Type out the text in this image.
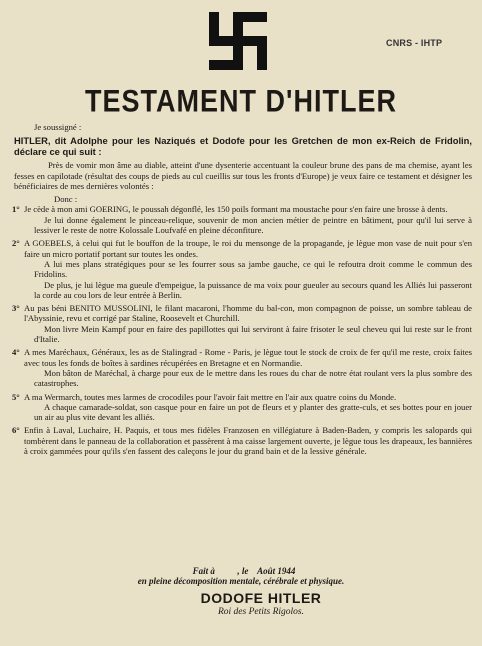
CNRS - IHTP
TESTAMENT D'HITLER

Je soussigné :

HITLER, dit Adolphe pour les Naziqués et Dodofe pour les Gretchen de mon ex-Reich de Fridolin, déclare ce qui suit :

Près de vomir mon âme au diable, atteint d'une dysenterie accentuant la couleur brune des pans de ma chemise, ayant les fesses en capilotade (résultat des coups de pieds au cul cueillis sur tous les fronts d'Europe) je veux faire ce testament et désigner les bénéficiaires de mes dernières volontés :

Donc :

1° Je cède à mon ami GOERING, le poussah dégonflé, les 150 poils formant ma moustache pour s'en faire une brosse à dents.

Je lui donne également le pinceau-relique, souvenir de mon ancien métier de peintre en bâtiment, pour qu'il lui serve à lessiver le reste de notre Kolossale Loufvafé en pleine déconfiture.

2° A GOEBELS, à celui qui fut le bouffon de la troupe, le roi du mensonge de la propagande, je lègue mon vase de nuit pour s'en faire un micro portatif portant sur toutes les ondes.

A lui mes plans stratégiques pour se les fourrer sous sa jambe gauche, ce qui le refoutra droit comme le commun des Fridolins.

De plus, je lui lègue ma gueule d'empeigue, la puissance de ma voix pour gueuler au secours quand les Alliés lui passeront la corde au cou lors de leur entrée à Berlin.

3° Au pas béni BENITO MUSSOLINI, le filant macaroni, l'homme du bal-con, mon compagnon de poisse, un sombre tableau de l'Abyssinie, revu et corrigé par Staline, Roosevelt et Churchill.

Mon livre Mein Kampf pour en faire des papillottes qui lui serviront à faire frisoter le seul cheveu qui lui reste sur le front d'Italie.

4° A mes Maréchaux, Généraux, les as de Stalingrad - Rome - Paris, je lègue tout le stock de croix de fer qu'il me reste, croix faites avec tous les fonds de boîtes à sardines récupérées en Bretagne et en Normandie.

Mon bâton de Maréchal, à charge pour eux de le mettre dans les roues du char de notre état roulant vers la plus sombre des catastrophes.

5° A ma Wermarch, toutes mes larmes de crocodiles pour l'avoir fait mettre en l'air aux quatre coins du Monde.

A chaque camarade-soldat, son casque pour en faire un pot de fleurs et y planter des gratte-culs, et ses bottes pour en jouer un air au plus vite devant les alliés.

6° Enfin à Laval, Luchaire, H. Paquis, et tous mes fidèles Franzosen en villégiature à Baden-Baden, y compris les salopards qui tombèrent dans le panneau de la collaboration et passèrent à ma caisse largement ouverte, je lègue tous les drapeaux, les bannières à croix gammées pour qu'ils s'en fassent des caleçons le jour du grand bain et de la lessive générale.

Fait à          , le    Août 1944

en pleine décomposition mentale, cérébrale et physique.

DODOFE HITLER

Roi des Petits Rigolos.
